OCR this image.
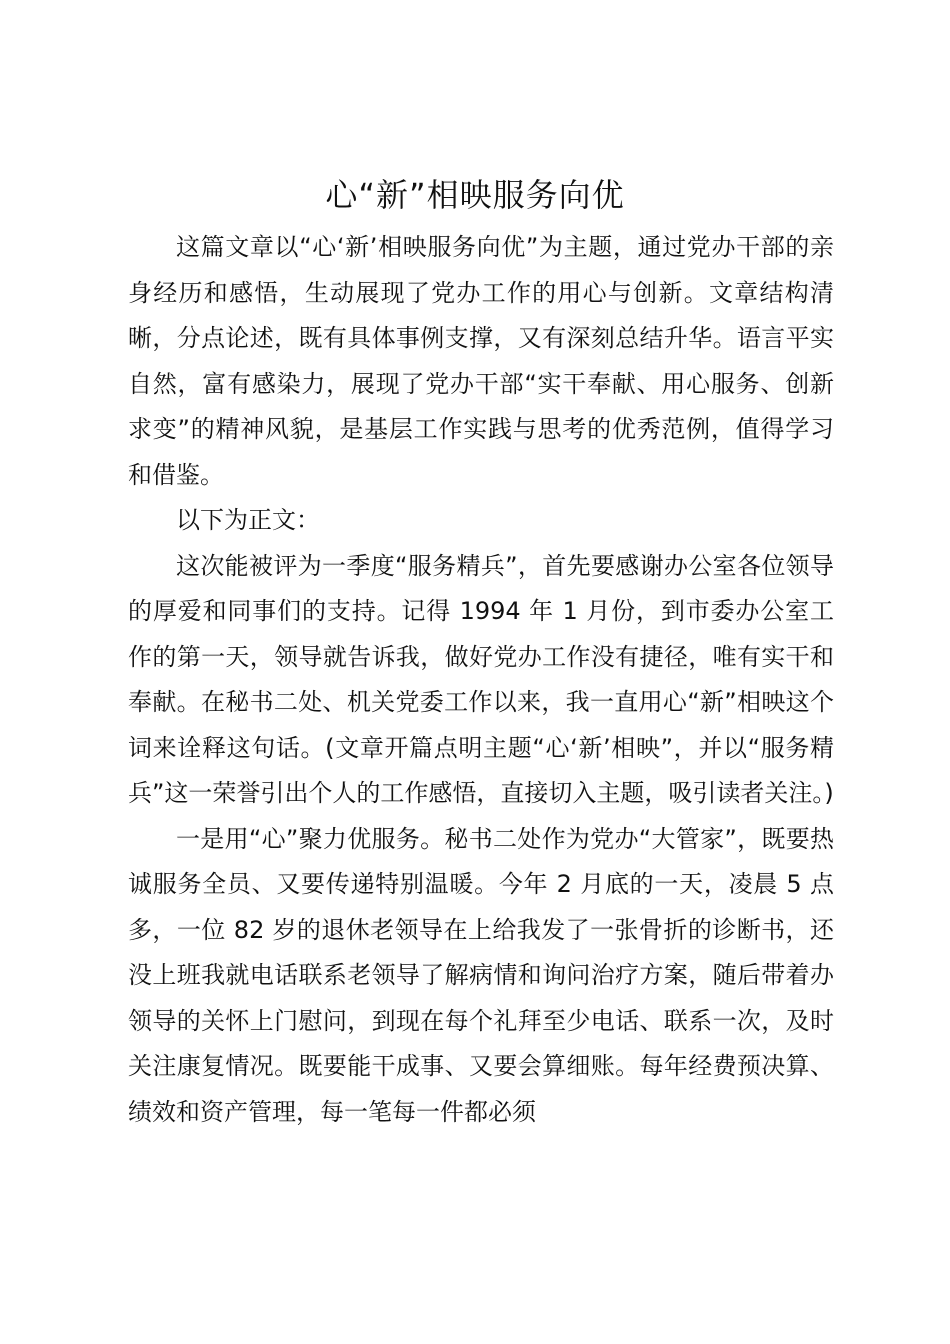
心“新”相映服务向优

这篇文章以“心‘新’相映服务向优”为主题，通过党办干部的亲身经历和感悟，生动展现了党办工作的用心与创新。文章结构清晰，分点论述，既有具体事例支撑，又有深刻总结升华。语言平实自然，富有感染力，展现了党办干部“实干奉献、用心服务、创新求变”的精神风貌，是基层工作实践与思考的优秀范例，值得学习和借鉴。

以下为正文：

这次能被评为一季度“服务精兵”，首先要感谢办公室各位领导的厚爱和同事们的支持。记得 1994 年 1 月份，到市委办公室工作的第一天，领导就告诉我，做好党办工作没有捷径，唯有实干和奉献。在秘书二处、机关党委工作以来，我一直用心“新”相映这个词来诠释这句话。(文章开篇点明主题“心‘新’相映”，并以“服务精兵”这一荣誉引出个人的工作感悟，直接切入主题，吸引读者关注。)

一是用“心”聚力优服务。秘书二处作为党办“大管家”，既要热诚服务全员、又要传递特别温暖。今年 2 月底的一天，凌晨 5 点多，一位 82 岁的退休老领导在上给我发了一张骨折的诊断书，还没上班我就电话联系老领导了解病情和询问治疗方案，随后带着办领导的关怀上门慰问，到现在每个礼拜至少电话、联系一次，及时关注康复情况。既要能干成事、又要会算细账。每年经费预决算、绩效和资产管理，每一笔每一件都必须
